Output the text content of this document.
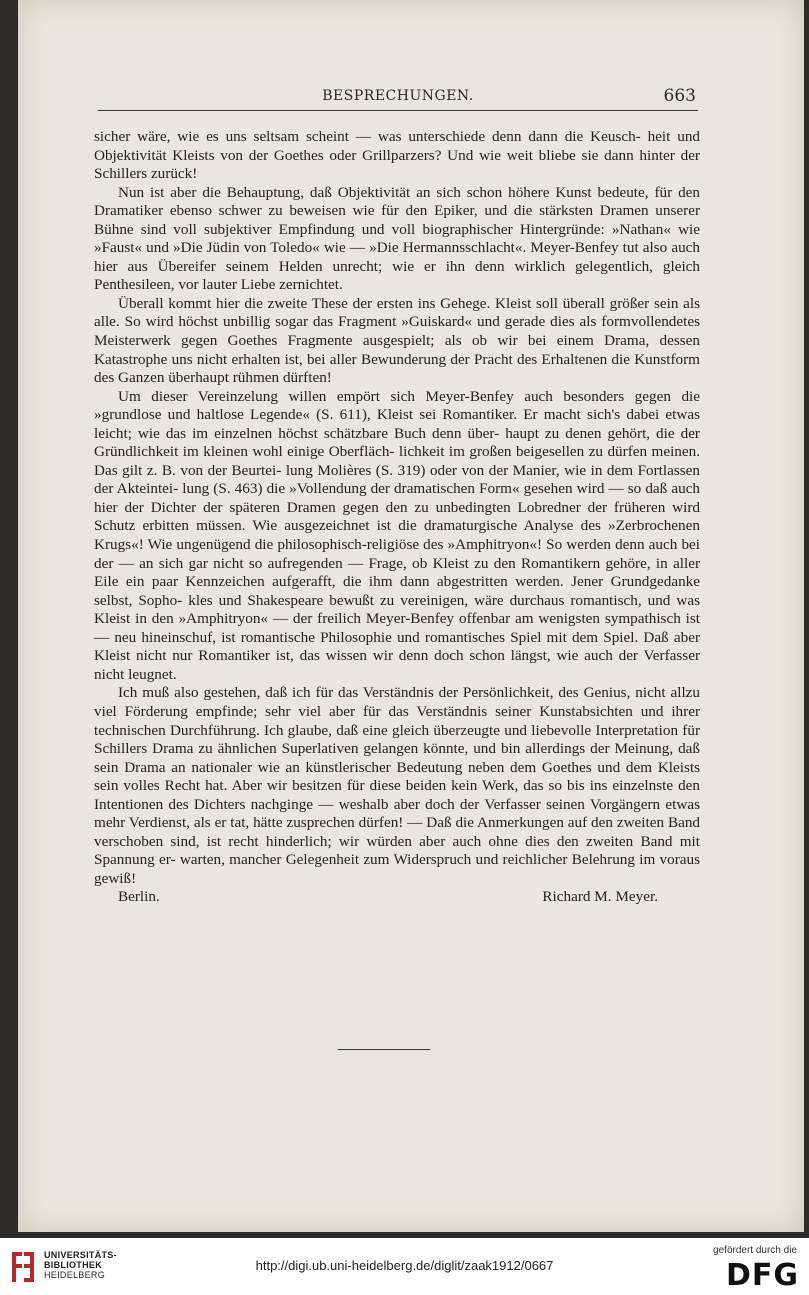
BESPRECHUNGEN.	663

sicher wäre, wie es uns seltsam scheint — was unterschiede denn dann die Keusch- heit und Objektivität Kleists von der Goethes oder Grillparzers? Und wie weit bliebe sie dann hinter der Schillers zurück!

Nun ist aber die Behauptung, daß Objektivität an sich schon höhere Kunst bedeute, für den Dramatiker ebenso schwer zu beweisen wie für den Epiker, und die stärksten Dramen unserer Bühne sind voll subjektiver Empfindung und voll biographischer Hintergründe: »Nathan« wie »Faust« und »Die Jüdin von Toledo« wie — »Die Hermannsschlacht«. Meyer-Benfey tut also auch hier aus Übereifer seinem Helden unrecht; wie er ihn denn wirklich gelegentlich, gleich Penthesileen, vor lauter Liebe zernichtet.

Überall kommt hier die zweite These der ersten ins Gehege. Kleist soll überall größer sein als alle. So wird höchst unbillig sogar das Fragment »Guiskard« und gerade dies als formvollendetes Meisterwerk gegen Goethes Fragmente ausgespielt; als ob wir bei einem Drama, dessen Katastrophe uns nicht erhalten ist, bei aller Bewunderung der Pracht des Erhaltenen die Kunstform des Ganzen überhaupt rühmen dürften!

Um dieser Vereinzelung willen empört sich Meyer-Benfey auch besonders gegen die »grundlose und haltlose Legende« (S. 611), Kleist sei Romantiker. Er macht sich's dabei etwas leicht; wie das im einzelnen höchst schätzbare Buch denn über- haupt zu denen gehört, die der Gründlichkeit im kleinen wohl einige Oberfläch- lichkeit im großen beigesellen zu dürfen meinen. Das gilt z. B. von der Beurtei- lung Molières (S. 319) oder von der Manier, wie in dem Fortlassen der Akteintei- lung (S. 463) die »Vollendung der dramatischen Form« gesehen wird — so daß auch hier der Dichter der späteren Dramen gegen den zu unbedingten Lobredner der früheren wird Schutz erbitten müssen. Wie ausgezeichnet ist die dramaturgische Analyse des »Zerbrochenen Krugs«! Wie ungenügend die philosophisch-religiöse des »Amphitryon«! So werden denn auch bei der — an sich gar nicht so aufregenden — Frage, ob Kleist zu den Romantikern gehöre, in aller Eile ein paar Kennzeichen aufgerafft, die ihm dann abgestritten werden. Jener Grundgedanke selbst, Sopho- kles und Shakespeare bewußt zu vereinigen, wäre durchaus romantisch, und was Kleist in den »Amphitryon« — der freilich Meyer-Benfey offenbar am wenigsten sympathisch ist — neu hineinschuf, ist romantische Philosophie und romantisches Spiel mit dem Spiel. Daß aber Kleist nicht nur Romantiker ist, das wissen wir denn doch schon längst, wie auch der Verfasser nicht leugnet.

Ich muß also gestehen, daß ich für das Verständnis der Persönlichkeit, des Genius, nicht allzu viel Förderung empfinde; sehr viel aber für das Verständnis seiner Kunstabsichten und ihrer technischen Durchführung. Ich glaube, daß eine gleich überzeugte und liebevolle Interpretation für Schillers Drama zu ähnlichen Superlativen gelangen könnte, und bin allerdings der Meinung, daß sein Drama an nationaler wie an künstlerischer Bedeutung neben dem Goethes und dem Kleists sein volles Recht hat. Aber wir besitzen für diese beiden kein Werk, das so bis ins einzelnste den Intentionen des Dichters nachginge — weshalb aber doch der Verfasser seinen Vorgängern etwas mehr Verdienst, als er tat, hätte zusprechen dürfen! — Daß die Anmerkungen auf den zweiten Band verschoben sind, ist recht hinderlich; wir würden aber auch ohne dies den zweiten Band mit Spannung er- warten, mancher Gelegenheit zum Widerspruch und reichlicher Belehrung im voraus gewiß!

Berlin.	Richard M. Meyer.
UNIVERSITÄTS-
BIBLIOTHEK
HEIDELBERG
http://digi.ub.uni-heidelberg.de/diglit/zaak1912/0667
gefördert durch die
DFG
